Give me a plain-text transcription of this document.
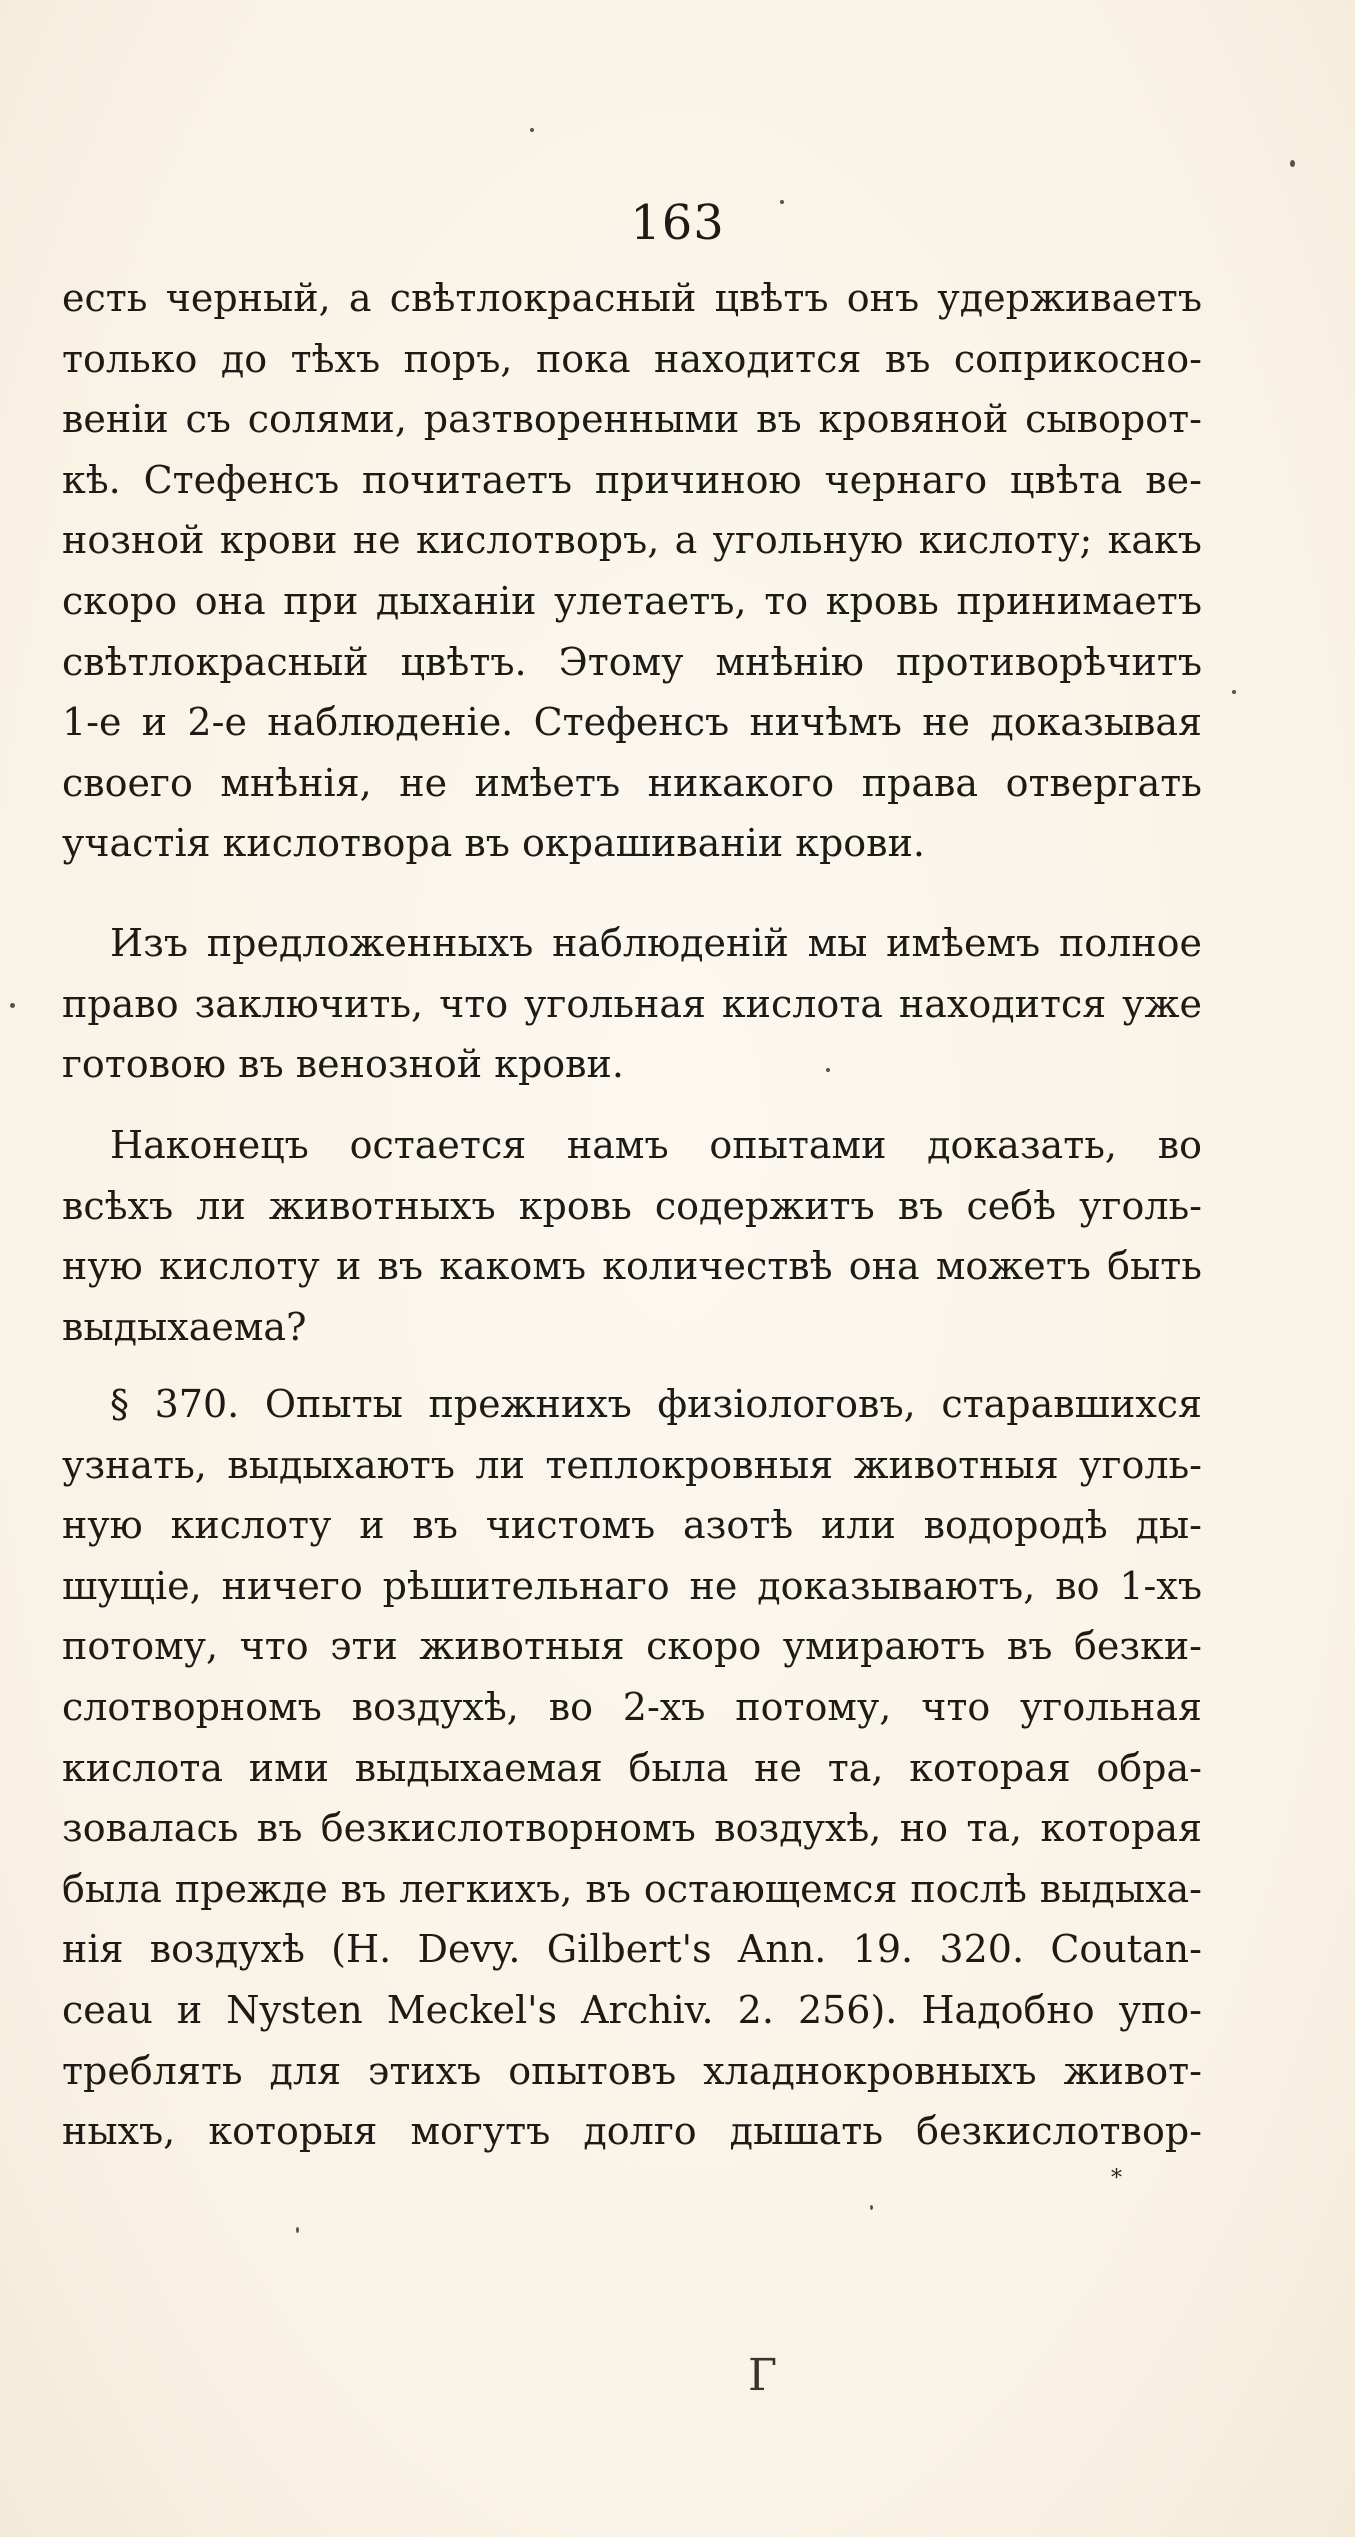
163
есть черный, а свѣтлокрасный цвѣтъ онъ удерживаетъ
только до тѣхъ поръ, пока находится въ соприкосно-
веніи съ солями, разтворенными въ кровяной сыворот-
кѣ. Стефенсъ почитаетъ причиною чернаго цвѣта ве-
нозной крови не кислотворъ, а угольную кислоту; какъ
скоро она при дыханіи улетаетъ, то кровь принимаетъ
свѣтлокрасный цвѣтъ. Этому мнѣнію противорѣчитъ
1-е и 2-е наблюденіе. Стефенсъ ничѣмъ не доказывая
своего мнѣнія, не имѣетъ никакого права отвергать
участія кислотвора въ окрашиваніи крови.
Изъ предложенныхъ наблюденій мы имѣемъ полное
право заключить, что угольная кислота находится уже
готовою въ венозной крови.
Наконецъ остается намъ опытами доказать, во
всѣхъ ли животныхъ кровь содержитъ въ себѣ уголь-
ную кислоту и въ какомъ количествѣ она можетъ быть
выдыхаема?
§ 370. Опыты прежнихъ физіологовъ, старавшихся
узнать, выдыхаютъ ли теплокровныя животныя уголь-
ную кислоту и въ чистомъ азотѣ или водородѣ ды-
шущіе, ничего рѣшительнаго не доказываютъ, во 1-хъ
потому, что эти животныя скоро умираютъ въ безки-
слотворномъ воздухѣ, во 2-хъ потому, что угольная
кислота ими выдыхаемая была не та, которая обра-
зовалась въ безкислотворномъ воздухѣ, но та, которая
была прежде въ легкихъ, въ остающемся послѣ выдыха-
нія воздухѣ (H. Devy. Gilbert's Ann. 19. 320. Coutan-
ceau и Nysten Meckel's Archiv. 2. 256). Надобно упо-
треблять для этихъ опытовъ хладнокровныхъ живот-
ныхъ, которыя могутъ долго дышать безкислотвор-
*
Г
